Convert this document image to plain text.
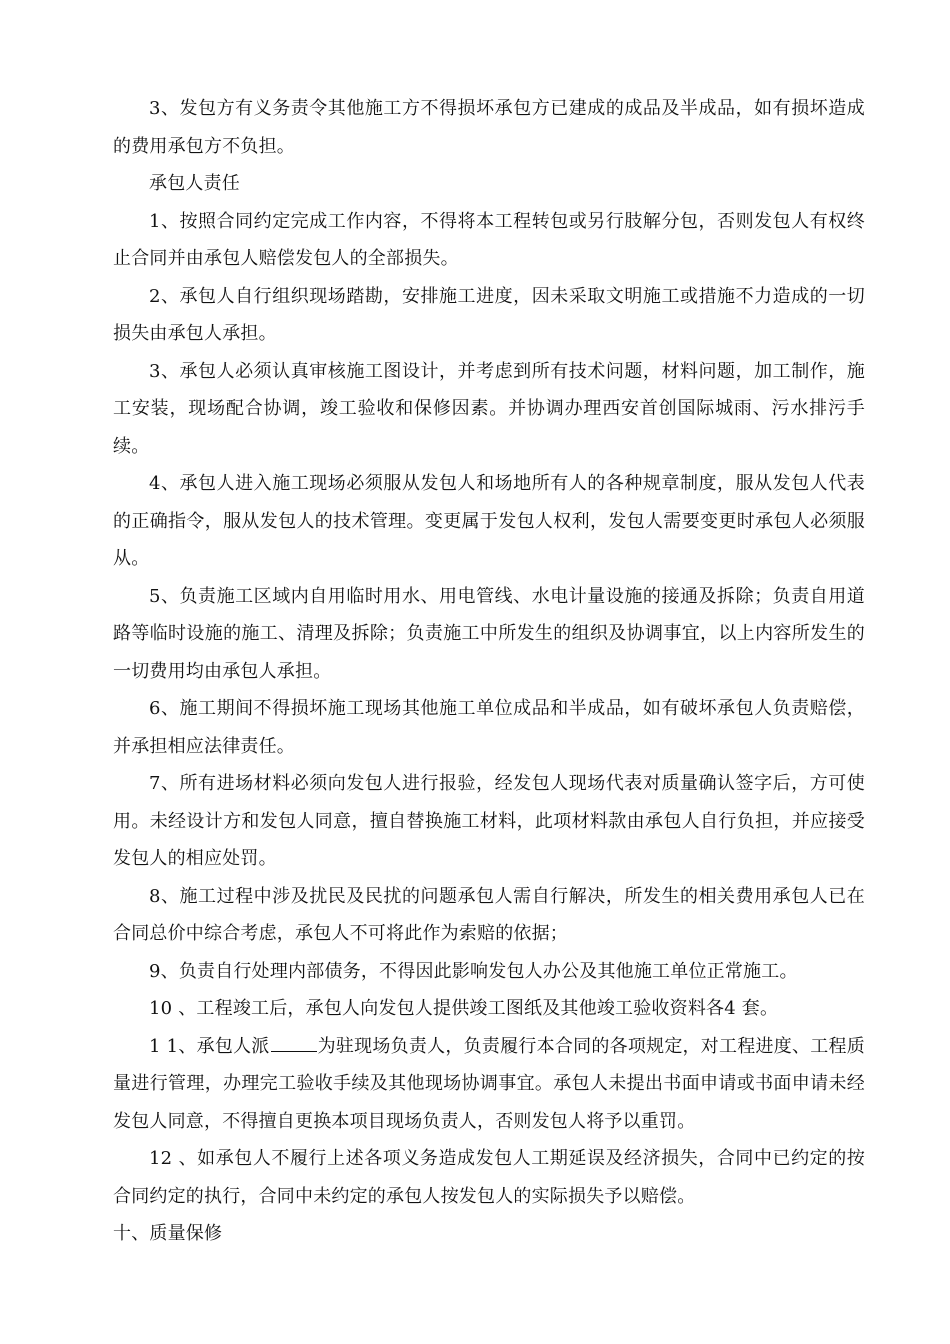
3、发包方有义务责令其他施工方不得损坏承包方已建成的成品及半成品，如有损坏造成的费用承包方不负担。

承包人责任

1、按照合同约定完成工作内容，不得将本工程转包或另行肢解分包，否则发包人有权终止合同并由承包人赔偿发包人的全部损失。

2、承包人自行组织现场踏勘，安排施工进度，因未采取文明施工或措施不力造成的一切损失由承包人承担。

3、承包人必须认真审核施工图设计，并考虑到所有技术问题，材料问题，加工制作，施工安装，现场配合协调，竣工验收和保修因素。并协调办理西安首创国际城雨、污水排污手续。

4、承包人进入施工现场必须服从发包人和场地所有人的各种规章制度，服从发包人代表的正确指令，服从发包人的技术管理。变更属于发包人权利，发包人需要变更时承包人必须服从。

5、负责施工区域内自用临时用水、用电管线、水电计量设施的接通及拆除；负责自用道路等临时设施的施工、清理及拆除；负责施工中所发生的组织及协调事宜，以上内容所发生的一切费用均由承包人承担。

6、施工期间不得损坏施工现场其他施工单位成品和半成品，如有破坏承包人负责赔偿，并承担相应法律责任。

7、所有进场材料必须向发包人进行报验，经发包人现场代表对质量确认签字后，方可使用。未经设计方和发包人同意，擅自替换施工材料，此项材料款由承包人自行负担，并应接受发包人的相应处罚。

8、施工过程中涉及扰民及民扰的问题承包人需自行解决，所发生的相关费用承包人已在合同总价中综合考虑，承包人不可将此作为索赔的依据；

9、负责自行处理内部债务，不得因此影响发包人办公及其他施工单位正常施工。

10 、工程竣工后，承包人向发包人提供竣工图纸及其他竣工验收资料各4 套。

1 1、承包人派	为驻现场负责人，负责履行本合同的各项规定，对工程进度、工程质量进行管理，办理完工验收手续及其他现场协调事宜。承包人未提出书面申请或书面申请未经发包人同意，不得擅自更换本项目现场负责人，否则发包人将予以重罚。

12 、如承包人不履行上述各项义务造成发包人工期延误及经济损失，合同中已约定的按合同约定的执行，合同中未约定的承包人按发包人的实际损失予以赔偿。

十、质量保修
